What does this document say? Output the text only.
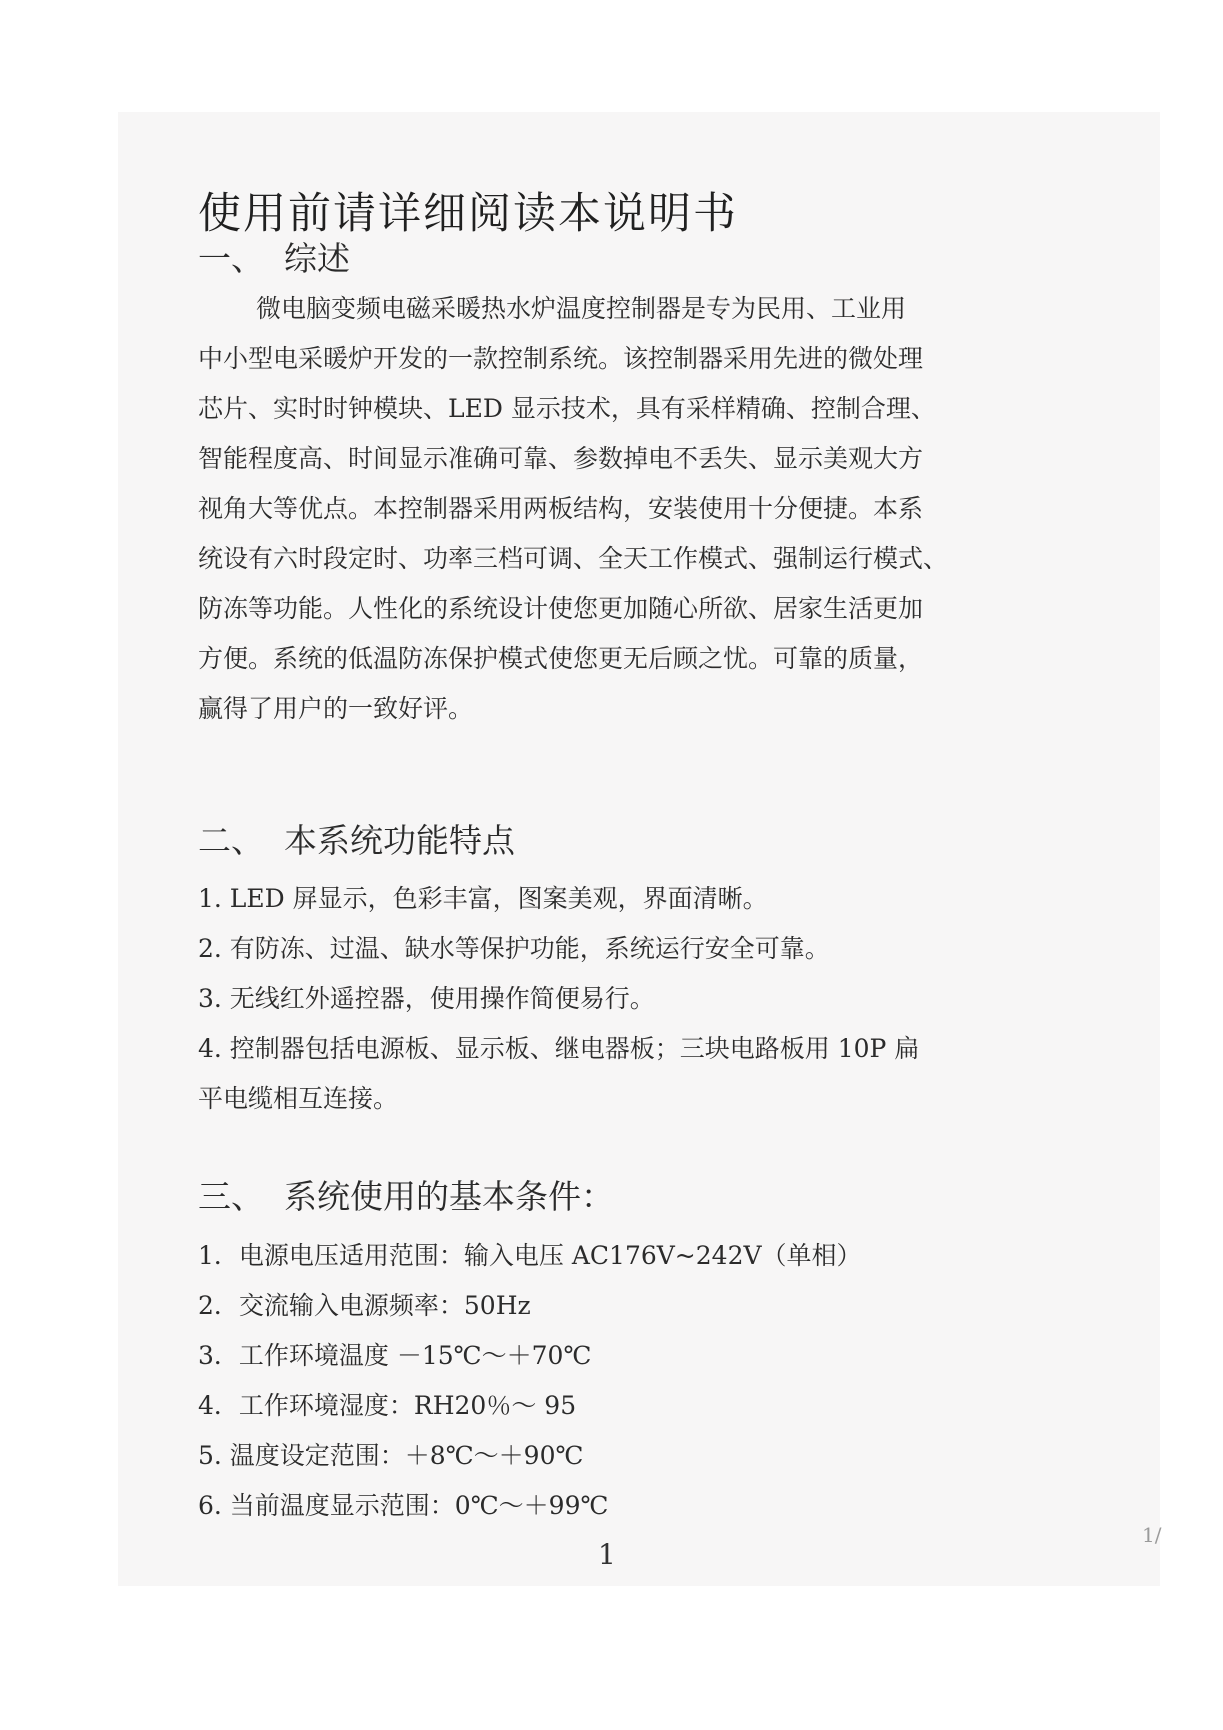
使用前请详细阅读本说明书
一、 综述
微电脑变频电磁采暖热水炉温度控制器是专为民用、工业用
中小型电采暖炉开发的一款控制系统。该控制器采用先进的微处理
芯片、实时时钟模块、LED 显示技术，具有采样精确、控制合理、
智能程度高、时间显示准确可靠、参数掉电不丢失、显示美观大方
视角大等优点。本控制器采用两板结构，安装使用十分便捷。本系
统设有六时段定时、功率三档可调、全天工作模式、强制运行模式、
防冻等功能。人性化的系统设计使您更加随心所欲、居家生活更加
方便。系统的低温防冻保护模式使您更无后顾之忧。可靠的质量，
赢得了用户的一致好评。
二、 本系统功能特点
1. LED 屏显示，色彩丰富，图案美观，界面清晰。
2. 有防冻、过温、缺水等保护功能，系统运行安全可靠。
3. 无线红外遥控器，使用操作简便易行。
4. 控制器包括电源板、显示板、继电器板；三块电路板用 10P 扁
平电缆相互连接。
三、 系统使用的基本条件：
1．电源电压适用范围：输入电压 AC176V~242V（单相）
2．交流输入电源频率：50Hz
3．工作环境温度 －15℃～＋70℃
4．工作环境湿度：RH20％～ 95
5. 温度设定范围：＋8℃～＋90℃
6. 当前温度显示范围：0℃～＋99℃
1
1/
